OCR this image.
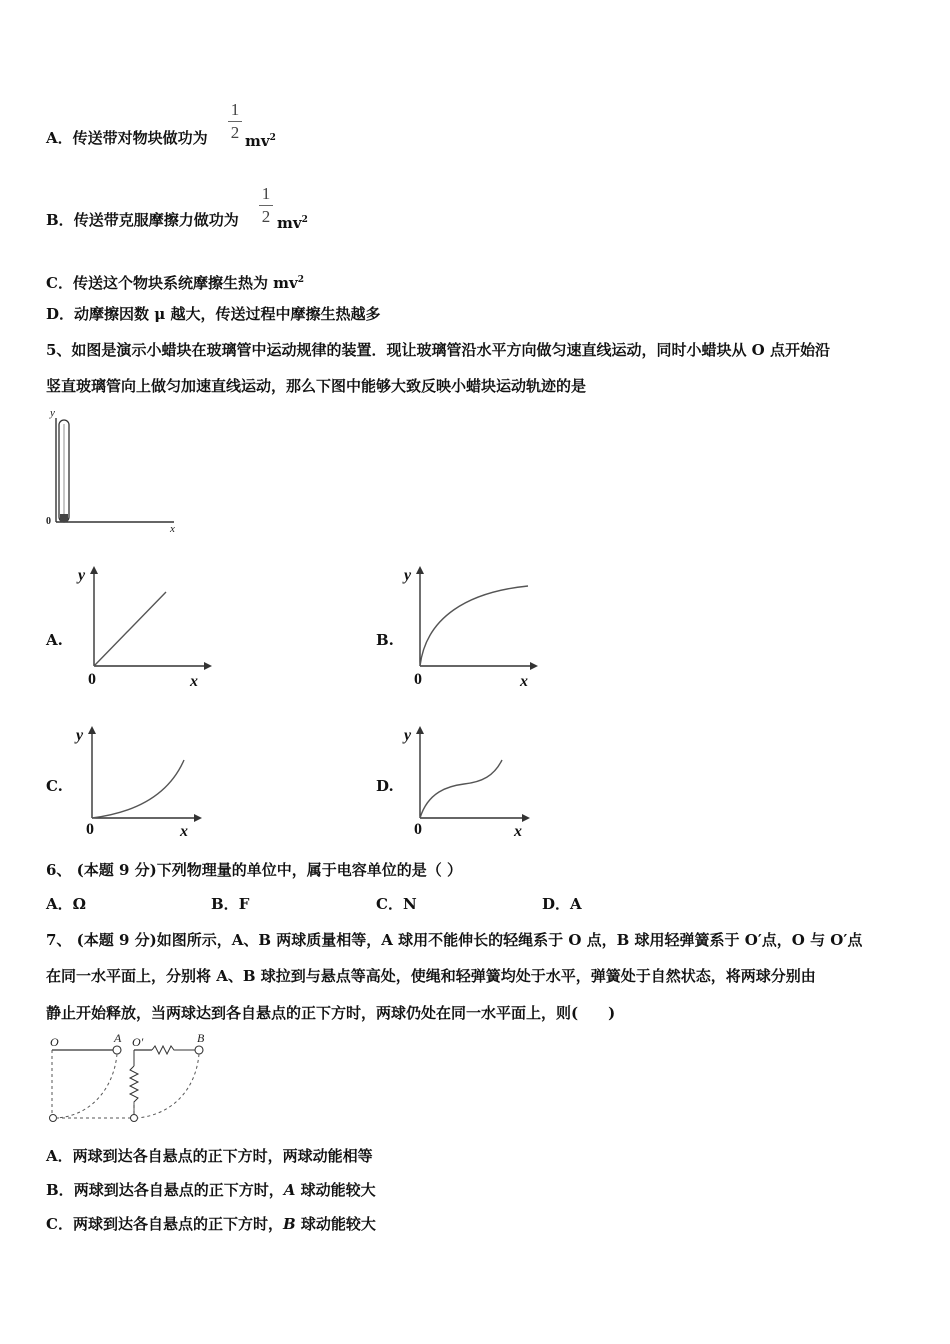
A．传送带对物块做功为
1
2 $mv^2$
B．传送带克服摩擦力做功为
1
2 $mv^2$
C．传送这个物块系统摩擦生热为 $mv^2$
D．动摩擦因数 μ 越大，传送过程中摩擦生热越多
5、如图是演示小蜡块在玻璃管中运动规律的装置．现让玻璃管沿水平方向做匀速直线运动，同时小蜡块从 O 点开始沿
竖直玻璃管向上做匀加速直线运动，那么下图中能够大致反映小蜡块运动轨迹的是
y
0
x
A.
y
0	x
B.
y
0	x
C.
y
0	x
D.
y
0	x
6、 (本题 9 分)下列物理量的单位中，属于电容单位的是（ ）
A．Ω	B．F	C．N	D．A
7、 (本题 9 分)如图所示，A、B 两球质量相等，A 球用不能伸长的轻绳系于 O 点，B 球用轻弹簧系于 O′点，O 与 O′点
在同一水平面上，分别将 A、B 球拉到与悬点等高处，使绳和轻弹簧均处于水平，弹簧处于自然状态，将两球分别由
静止开始释放，当两球达到各自悬点的正下方时，两球仍处在同一水平面上，则(　　)
O	A O′	B
A．两球到达各自悬点的正下方时，两球动能相等
B．两球到达各自悬点的正下方时，A 球动能较大
C．两球到达各自悬点的正下方时，B 球动能较大
